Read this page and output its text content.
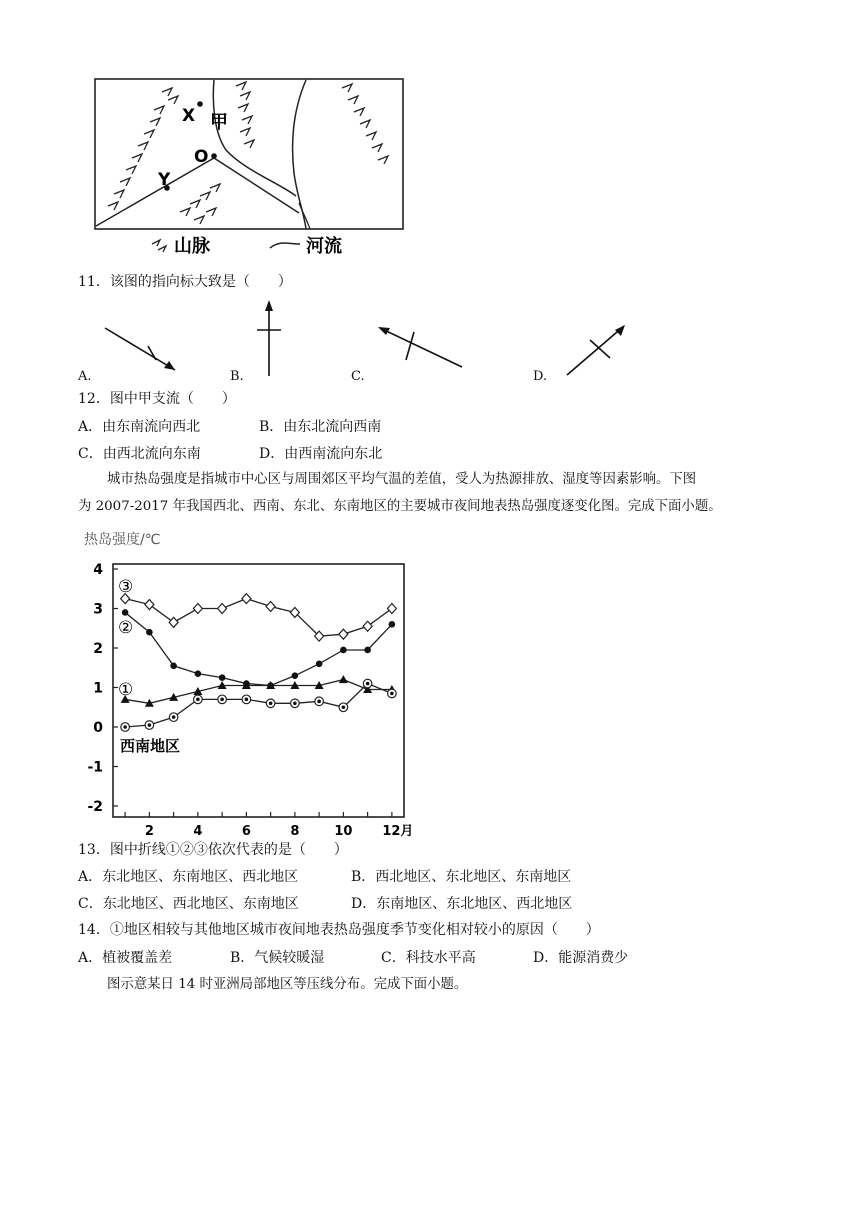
X 甲
O
Y
山脉	河流
11．该图的指向标大致是（　　）
A.	B.	C.	D.
12．图中甲支流（　　）
A．由东南流向西北	B．由东北流向西南
C．由西北流向东南	D．由西南流向东北
城市热岛强度是指城市中心区与周围郊区平均气温的差值，受人为热源排放、湿度等因素影响。下图
为 2007-2017 年我国西北、西南、东北、东南地区的主要城市夜间地表热岛强度逐变化图。完成下面小题。
热岛强度/℃
4
3
2
1
0
-1
-2
2	4	6	8	10 12月
西南地区
③
②
①
13．图中折线①②③依次代表的是（　　）
A．东北地区、东南地区、西北地区	B．西北地区、东北地区、东南地区
C．东北地区、西北地区、东南地区	D．东南地区、东北地区、西北地区
14．①地区相较与其他地区城市夜间地表热岛强度季节变化相对较小的原因（　　）
A．植被覆盖差	B．气候较暖湿	C．科技水平高	D．能源消费少
图示意某日 14 时亚洲局部地区等压线分布。完成下面小题。
